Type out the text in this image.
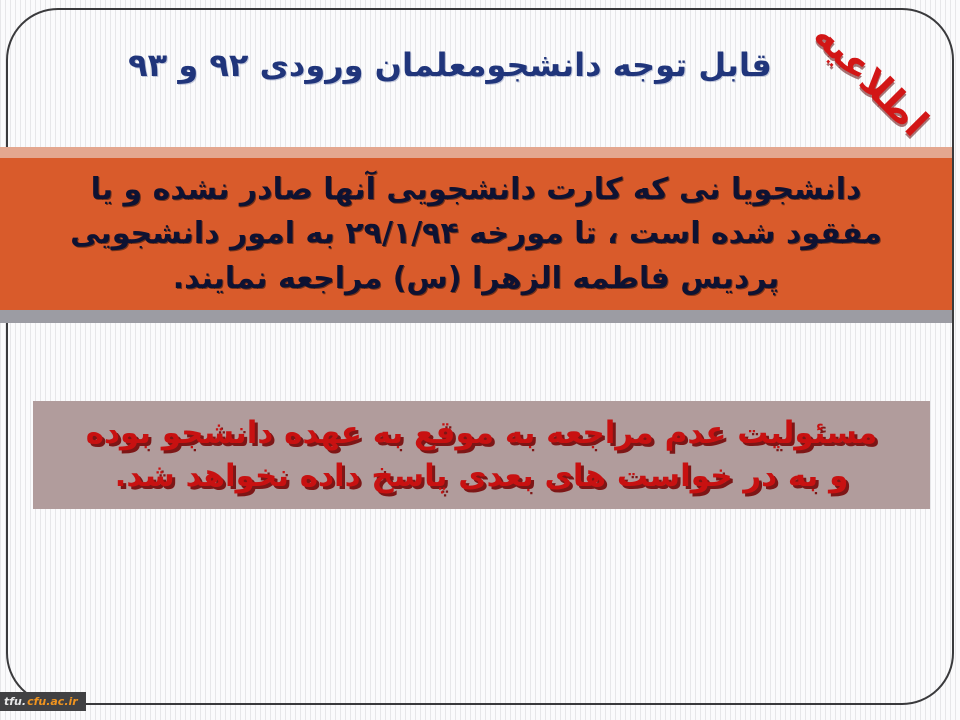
قابل توجه دانشجومعلمان ورودی ۹۲ و ۹۳ اطلاعیه
دانشجویا نی که کارت دانشجویی آنها صادر نشده و یا
مفقود شده است ، تا مورخه ۲۹/۱/۹۴ به امور دانشجویی
پردیس فاطمه الزهرا (س) مراجعه نمایند.
مسئولیت عدم مراجعه به موقع به عهده دانشجو بوده
و به در خواست های بعدی پاسخ داده نخواهد شد.
tfu. cfu.ac.ir
